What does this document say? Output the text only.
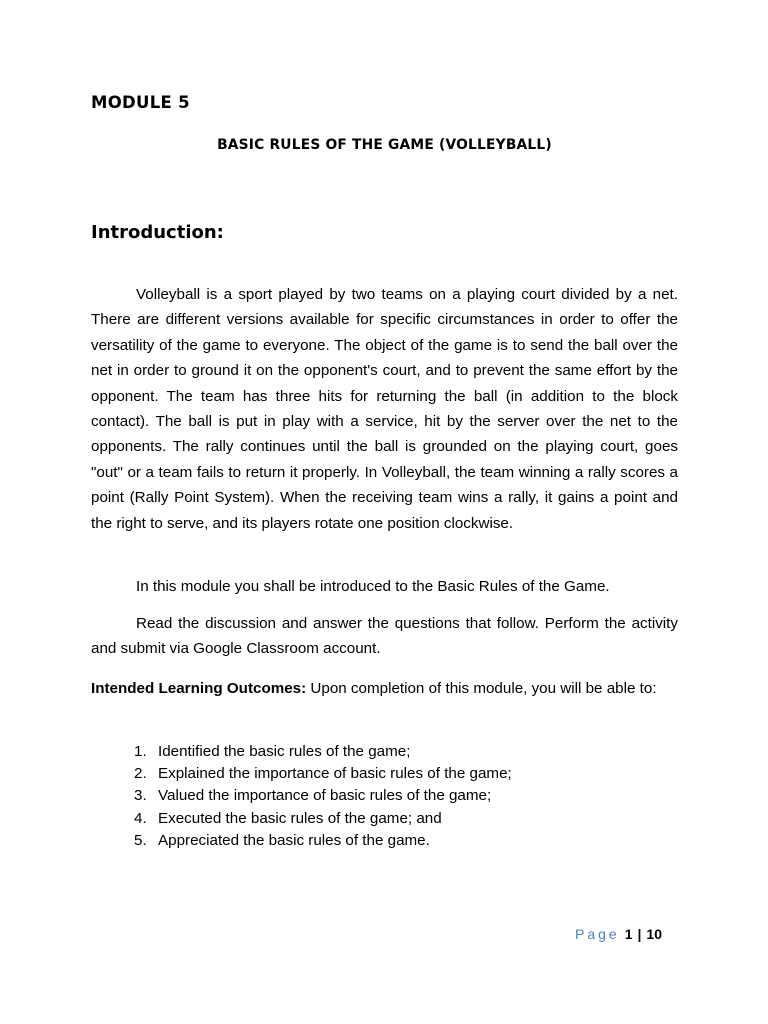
MODULE 5
BASIC RULES OF THE GAME (VOLLEYBALL)
Introduction:
Volleyball is a sport played by two teams on a playing court divided by a net. There are different versions available for specific circumstances in order to offer the versatility of the game to everyone. The object of the game is to send the ball over the net in order to ground it on the opponent's court, and to prevent the same effort by the opponent. The team has three hits for returning the ball (in addition to the block contact). The ball is put in play with a service, hit by the server over the net to the opponents. The rally continues until the ball is grounded on the playing court, goes "out" or a team fails to return it properly. In Volleyball, the team winning a rally scores a point (Rally Point System). When the receiving team wins a rally, it gains a point and the right to serve, and its players rotate one position clockwise.
In this module you shall be introduced to the Basic Rules of the Game.
Read the discussion and answer the questions that follow. Perform the activity and submit via Google Classroom account.
Intended Learning Outcomes: Upon completion of this module, you will be able to:
1. Identified the basic rules of the game;
2. Explained the importance of basic rules of the game;
3. Valued the importance of basic rules of the game;
4. Executed the basic rules of the game; and
5. Appreciated the basic rules of the game.
Page 1 | 10
